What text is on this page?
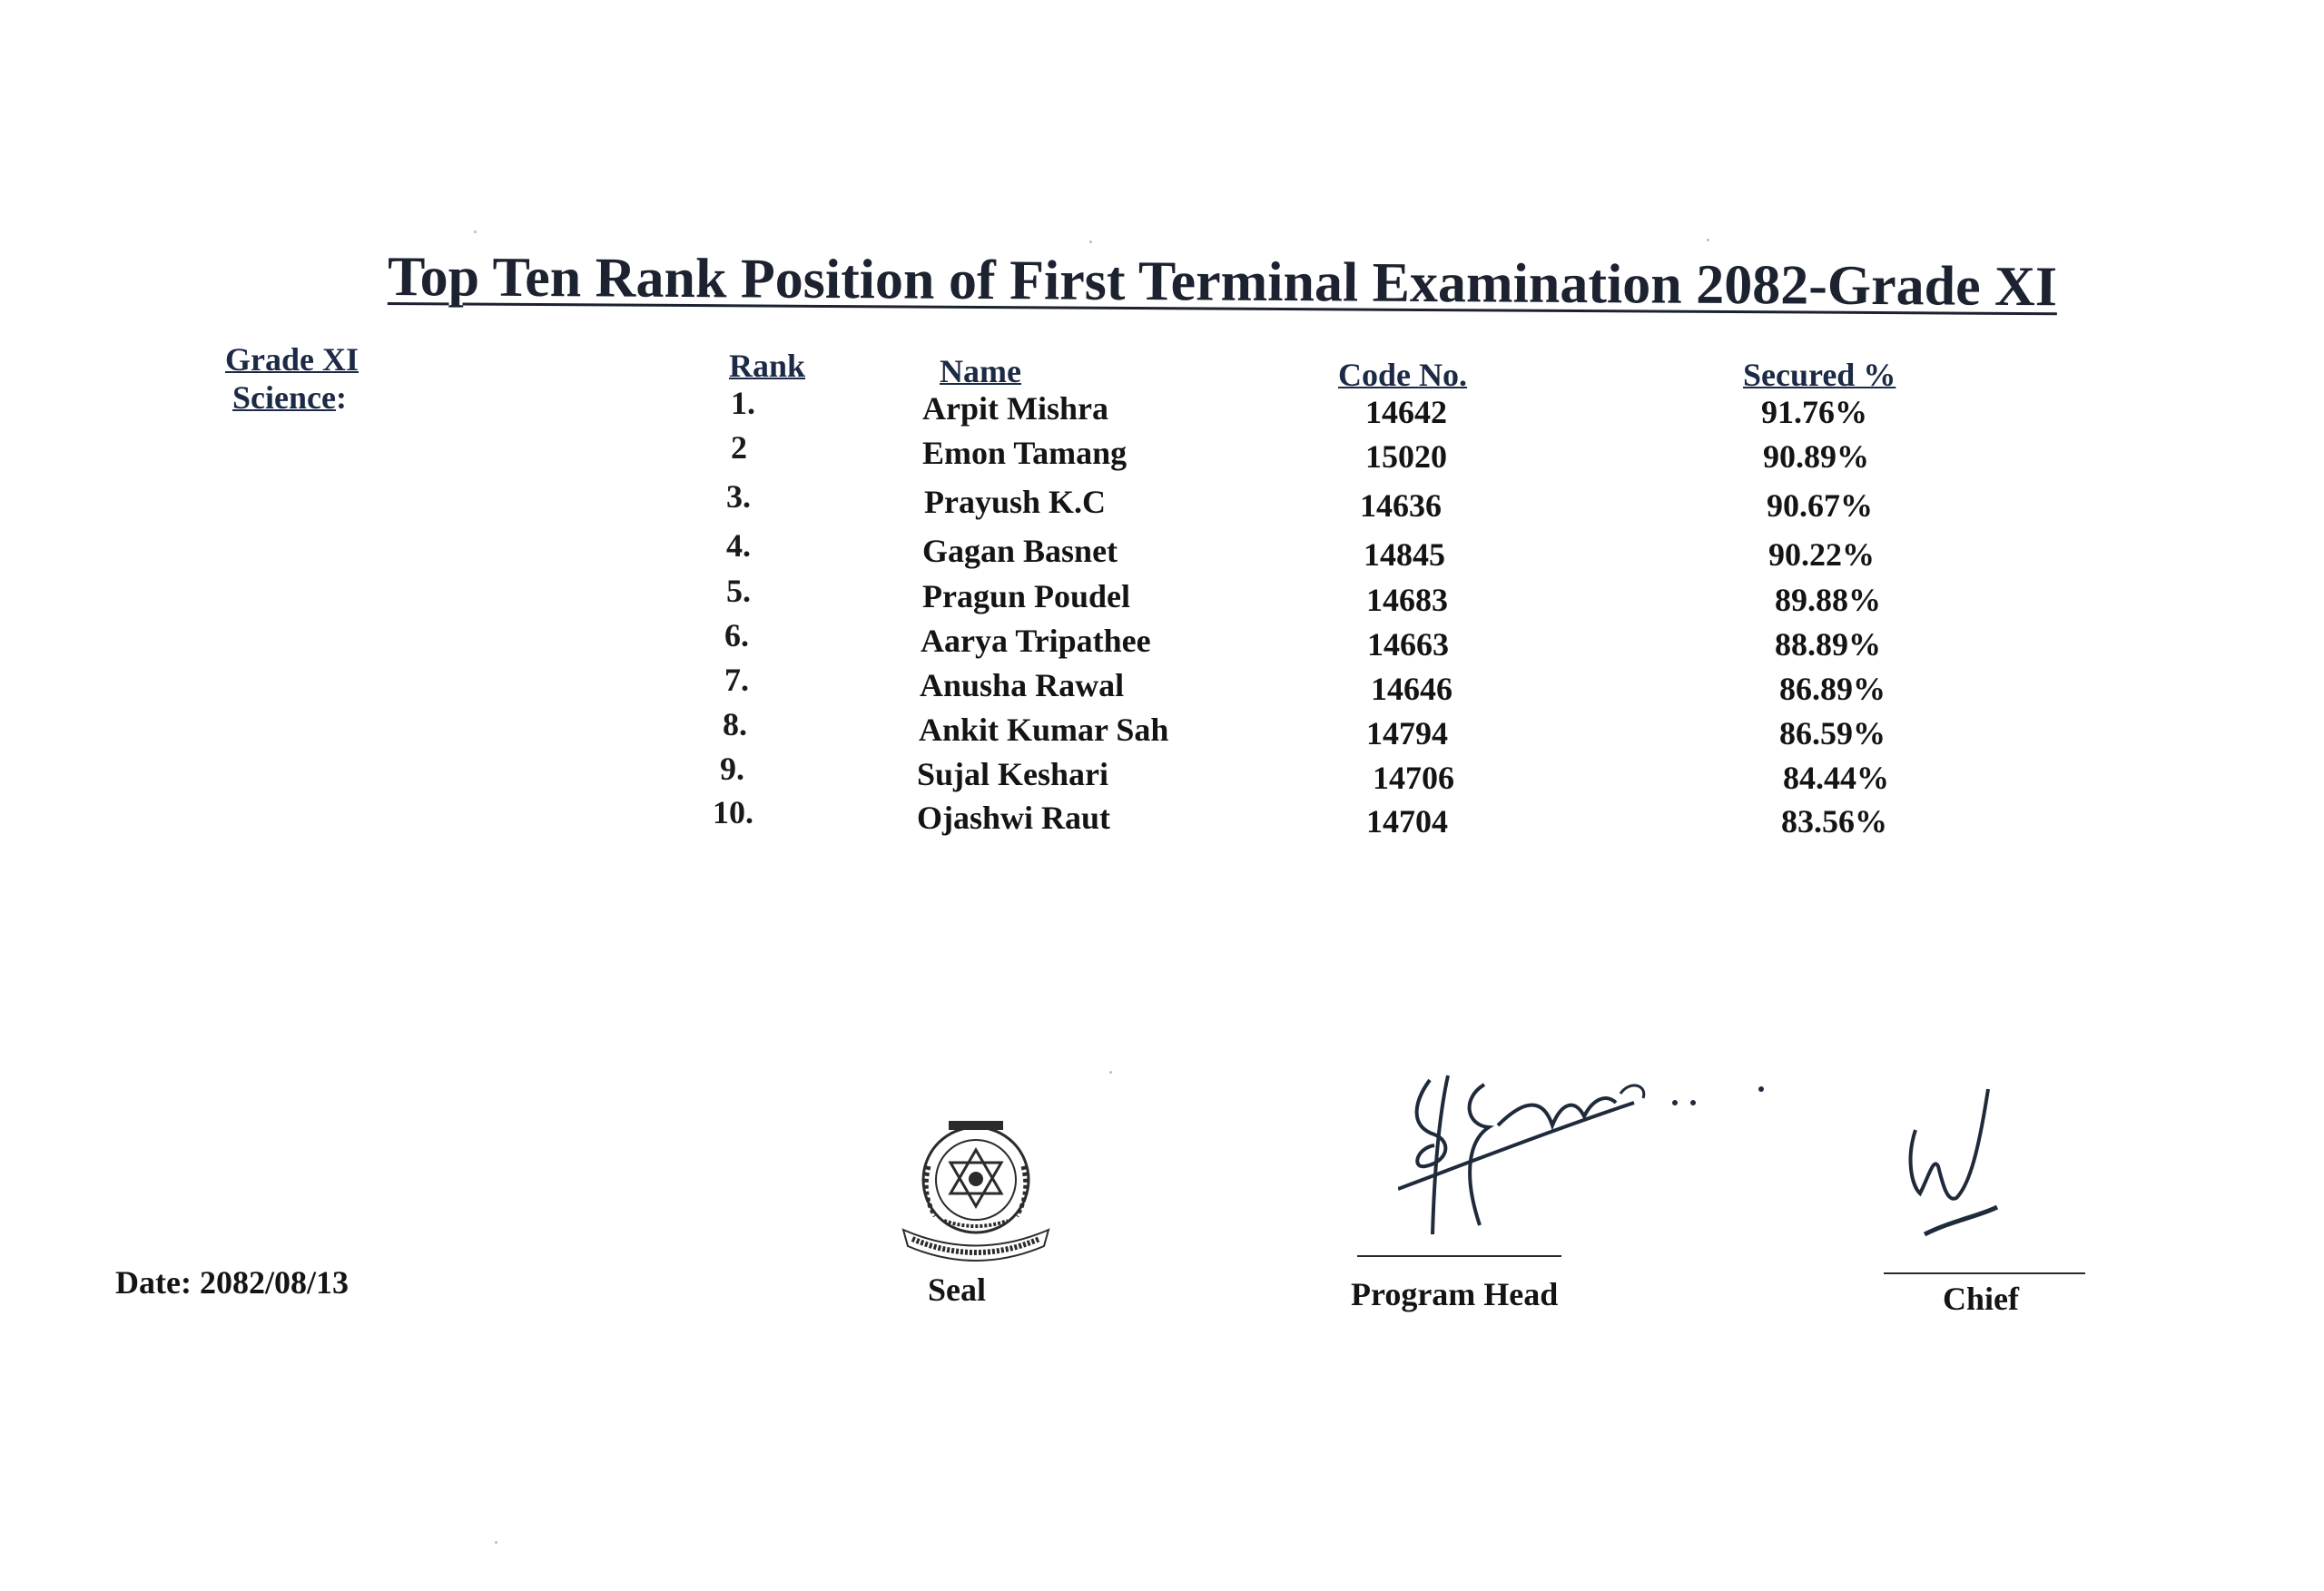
Top Ten Rank Position of First Terminal Examination 2082-Grade XI
Grade XI
Science:
Rank	Name	Code No.	Secured %
1.	Arpit Mishra	14642	91.76%
2	Emon Tamang	15020	90.89%
3.	Prayush K.C	14636	90.67%
4.	Gagan Basnet	14845	90.22%
5.	Pragun Poudel	14683	89.88%
6.	Aarya Tripathee	14663	88.89%
7.	Anusha Rawal	14646	86.89%
8.	Ankit Kumar Sah	14794	86.59%
9.	Sujal Keshari	14706	84.44%
10.	Ojashwi Raut	14704	83.56%
Date: 2082/08/13	Seal	Program Head	Chief
